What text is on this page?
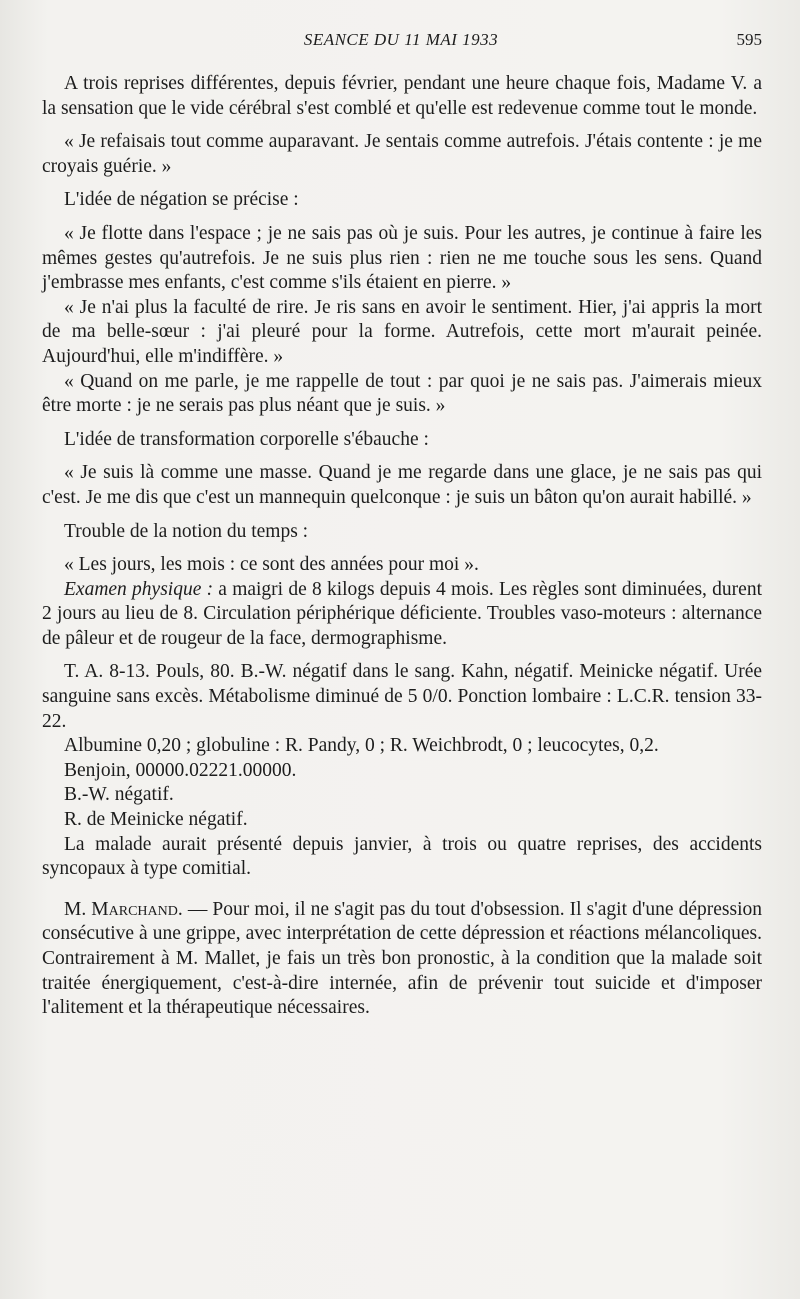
SEANCE DU 11 MAI 1933	595

A trois reprises différentes, depuis février, pendant une heure chaque fois, Madame V. a la sensation que le vide cérébral s'est comblé et qu'elle est redevenue comme tout le monde.

« Je refaisais tout comme auparavant. Je sentais comme autrefois. J'étais contente : je me croyais guérie. »

L'idée de négation se précise :

« Je flotte dans l'espace ; je ne sais pas où je suis. Pour les autres, je continue à faire les mêmes gestes qu'autrefois. Je ne suis plus rien : rien ne me touche sous les sens. Quand j'embrasse mes enfants, c'est comme s'ils étaient en pierre. »

« Je n'ai plus la faculté de rire. Je ris sans en avoir le sentiment. Hier, j'ai appris la mort de ma belle-sœur : j'ai pleuré pour la forme. Autrefois, cette mort m'aurait peinée. Aujourd'hui, elle m'indiffère. »

« Quand on me parle, je me rappelle de tout : par quoi je ne sais pas. J'aimerais mieux être morte : je ne serais pas plus néant que je suis. »

L'idée de transformation corporelle s'ébauche :

« Je suis là comme une masse. Quand je me regarde dans une glace, je ne sais pas qui c'est. Je me dis que c'est un mannequin quelconque : je suis un bâton qu'on aurait habillé. »

Trouble de la notion du temps :

« Les jours, les mois : ce sont des années pour moi ».

Examen physique : a maigri de 8 kilogs depuis 4 mois. Les règles sont diminuées, durent 2 jours au lieu de 8. Circulation périphérique déficiente. Troubles vaso-moteurs : alternance de pâleur et de rougeur de la face, dermographisme.

T. A. 8-13. Pouls, 80. B.-W. négatif dans le sang. Kahn, négatif. Meinicke négatif. Urée sanguine sans excès. Métabolisme diminué de 5 0/0. Ponction lombaire : L.C.R. tension 33-22.

Albumine 0,20 ; globuline : R. Pandy, 0 ; R. Weichbrodt, 0 ; leucocytes, 0,2.

Benjoin, 00000.02221.00000.

B.-W. négatif.

R. de Meinicke négatif.

La malade aurait présenté depuis janvier, à trois ou quatre reprises, des accidents syncopaux à type comitial.

M. Marchand. — Pour moi, il ne s'agit pas du tout d'obsession. Il s'agit d'une dépression consécutive à une grippe, avec interprétation de cette dépression et réactions mélancoliques. Contrairement à M. Mallet, je fais un très bon pronostic, à la condition que la malade soit traitée énergiquement, c'est-à-dire internée, afin de prévenir tout suicide et d'imposer l'alitement et la thérapeutique nécessaires.
